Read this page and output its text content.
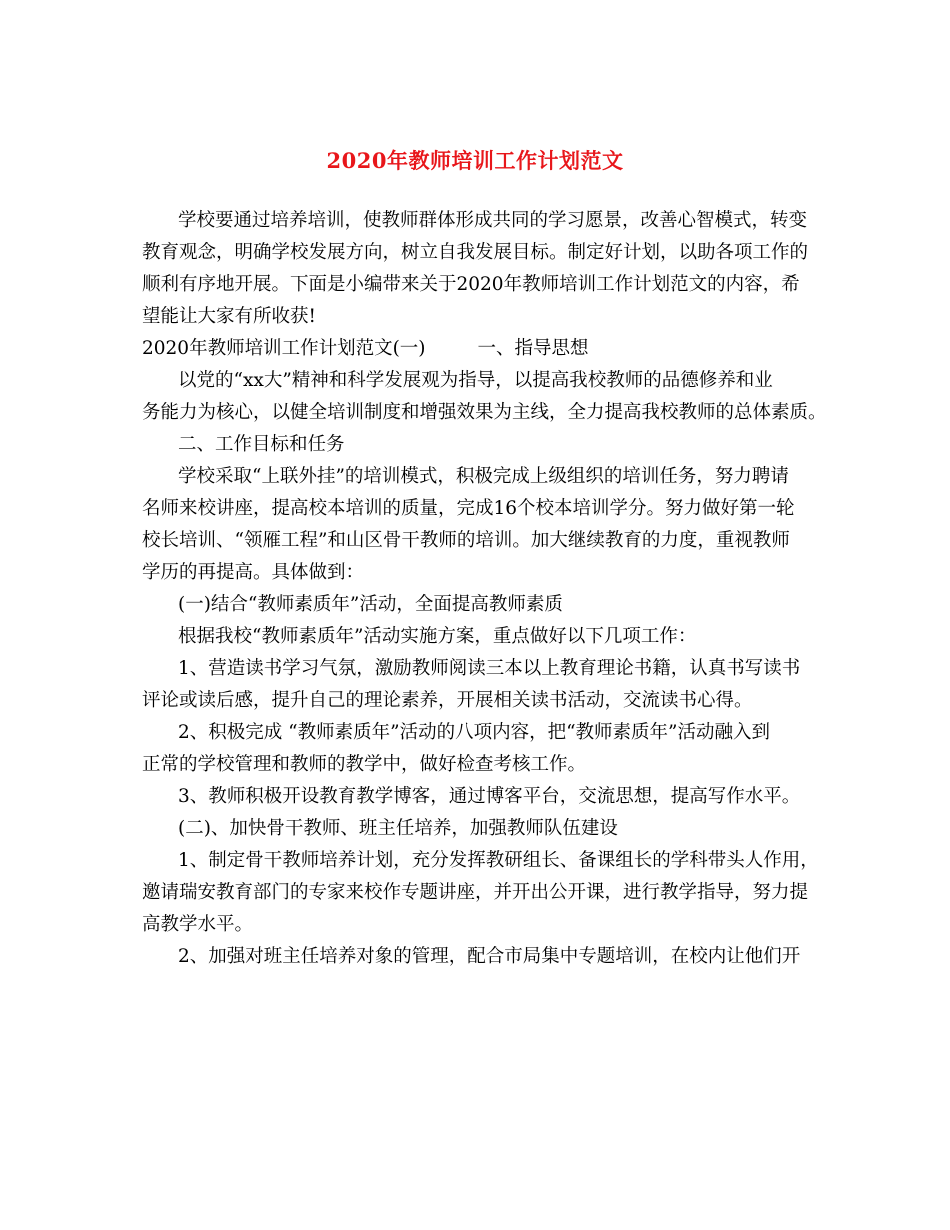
2020年教师培训工作计划范文
学校要通过培养培训，使教师群体形成共同的学习愿景，改善心智模式，转变
教育观念，明确学校发展方向，树立自我发展目标。制定好计划，以助各项工作的
顺利有序地开展。下面是小编带来关于2020年教师培训工作计划范文的内容，希
望能让大家有所收获!
2020年教师培训工作计划范文(一)	一、指导思想
以党的“xx大”精神和科学发展观为指导，以提高我校教师的品德修养和业
务能力为核心，以健全培训制度和增强效果为主线，全力提高我校教师的总体素质。
二、工作目标和任务
学校采取“上联外挂”的培训模式，积极完成上级组织的培训任务，努力聘请
名师来校讲座，提高校本培训的质量，完成16个校本培训学分。努力做好第一轮
校长培训、“领雁工程”和山区骨干教师的培训。加大继续教育的力度，重视教师
学历的再提高。具体做到：
(一)结合“教师素质年”活动，全面提高教师素质
根据我校“教师素质年”活动实施方案，重点做好以下几项工作：
1、营造读书学习气氛，激励教师阅读三本以上教育理论书籍，认真书写读书
评论或读后感，提升自己的理论素养，开展相关读书活动，交流读书心得。
2、积极完成 “教师素质年”活动的八项内容，把“教师素质年”活动融入到
正常的学校管理和教师的教学中，做好检查考核工作。
3、教师积极开设教育教学博客，通过博客平台，交流思想，提高写作水平。
(二)、加快骨干教师、班主任培养，加强教师队伍建设
1、制定骨干教师培养计划，充分发挥教研组长、备课组长的学科带头人作用，
邀请瑞安教育部门的专家来校作专题讲座，并开出公开课，进行教学指导，努力提
高教学水平。
2、加强对班主任培养对象的管理，配合市局集中专题培训，在校内让他们开
